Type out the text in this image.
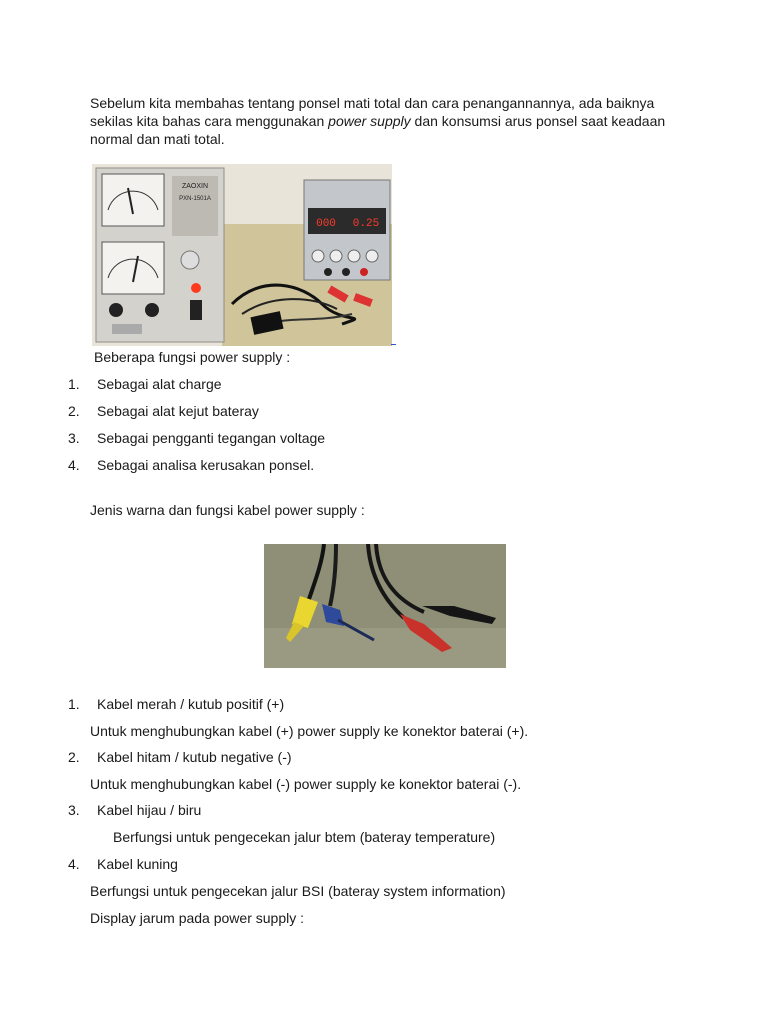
Sebelum kita membahas tentang ponsel mati total dan cara penangannannya, ada baiknya sekilas kita bahas cara menggunakan power supply dan konsumsi arus ponsel saat keadaan normal dan mati total.

ZAOXIN
PXN-1501A
000 0.25
Beberapa fungsi power supply :
1. Sebagai alat charge
2. Sebagai alat kejut bateray
3. Sebagai pengganti tegangan voltage
4. Sebagai analisa kerusakan ponsel.
Jenis warna dan fungsi kabel power supply :
1. Kabel merah / kutub positif (+)
Untuk menghubungkan kabel (+) power supply ke konektor baterai (+).
2. Kabel hitam / kutub negative (-)
Untuk menghubungkan kabel (-) power supply ke konektor baterai (-).
3. Kabel hijau / biru
Berfungsi untuk pengecekan jalur btem (bateray temperature)
4. Kabel kuning
Berfungsi untuk pengecekan jalur BSI (bateray system information)
Display jarum pada power supply :
